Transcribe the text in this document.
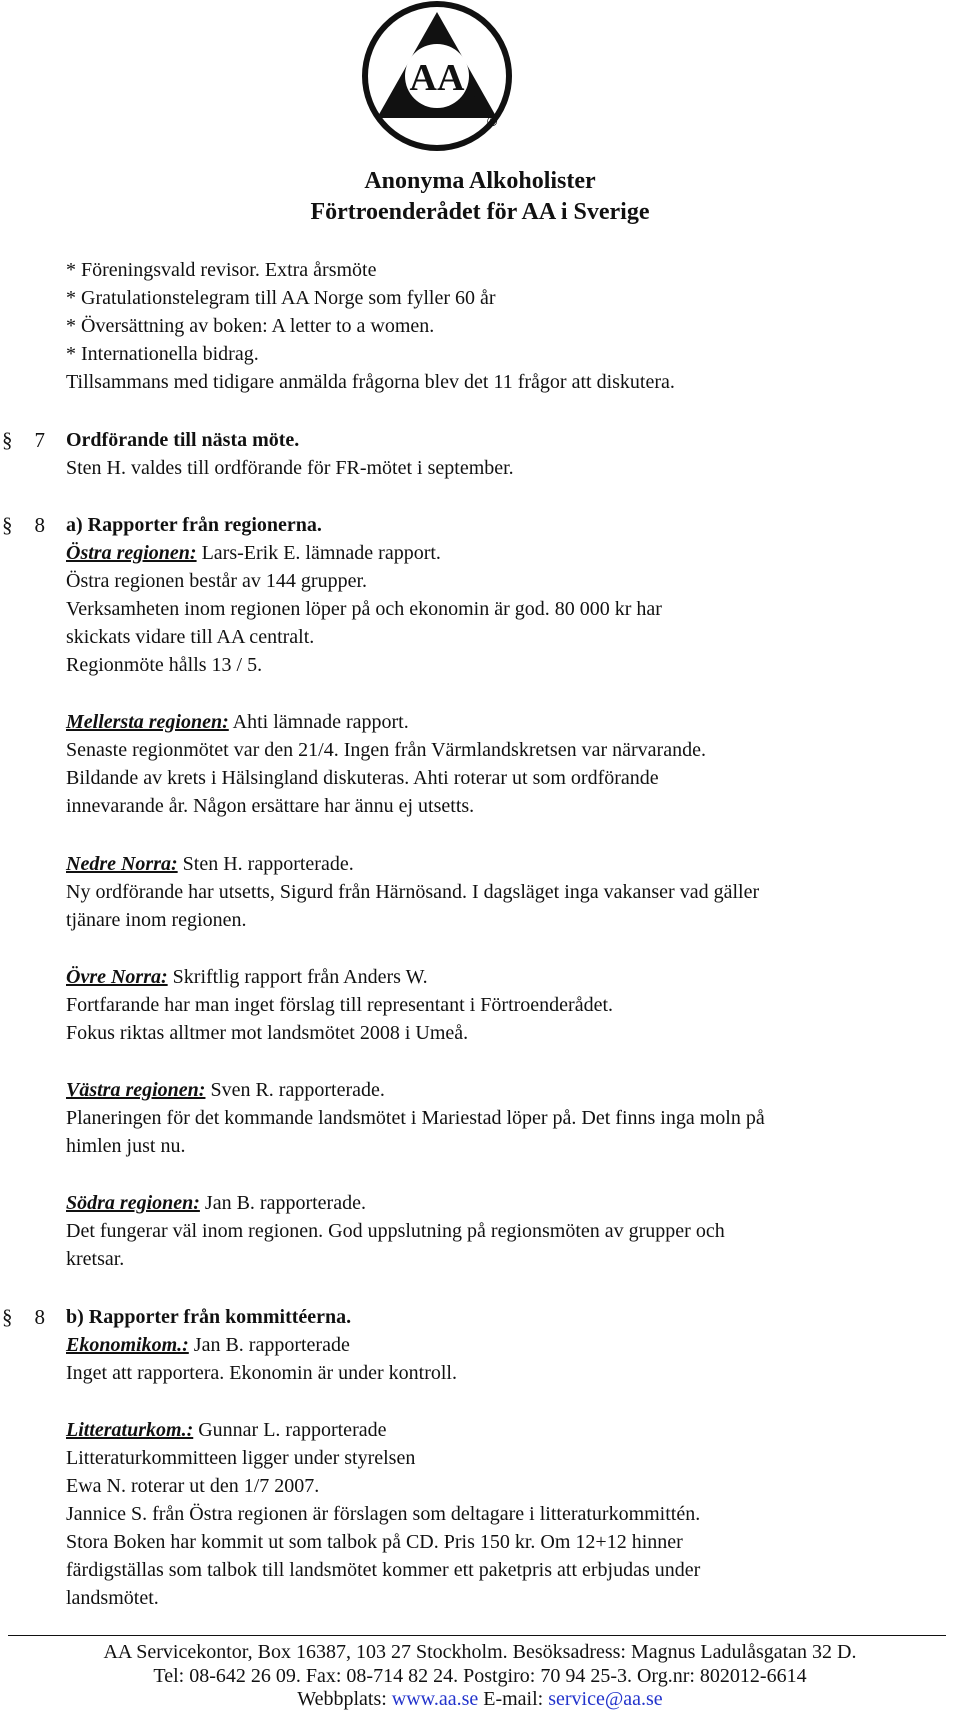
AA
®
Anonyma Alkoholister
Förtroenderådet för AA i Sverige
* Föreningsvald revisor. Extra årsmöte
* Gratulationstelegram till AA Norge som fyller 60 år
* Översättning av boken: A letter to a women.
* Internationella bidrag.
Tillsammans med tidigare anmälda frågorna blev det 11 frågor att diskutera.
§ 7 Ordförande till nästa möte.
Sten H. valdes till ordförande för FR-mötet i september.
§ 8 a) Rapporter från regionerna.
Östra regionen: Lars-Erik E. lämnade rapport.
Östra regionen består av 144 grupper.
Verksamheten inom regionen löper på och ekonomin är god. 80 000 kr har
skickats vidare till AA centralt.
Regionmöte hålls 13 / 5.
Mellersta regionen: Ahti lämnade rapport.
Senaste regionmötet var den 21/4. Ingen från Värmlandskretsen var närvarande.
Bildande av krets i Hälsingland diskuteras. Ahti roterar ut som ordförande
innevarande år. Någon ersättare har ännu ej utsetts.
Nedre Norra: Sten H. rapporterade.
Ny ordförande har utsetts, Sigurd från Härnösand. I dagsläget inga vakanser vad gäller
tjänare inom regionen.
Övre Norra: Skriftlig rapport från Anders W.
Fortfarande har man inget förslag till representant i Förtroenderådet.
Fokus riktas alltmer mot landsmötet 2008 i Umeå.
Västra regionen: Sven R. rapporterade.
Planeringen för det kommande landsmötet i Mariestad löper på. Det finns inga moln på
himlen just nu.
Södra regionen: Jan B. rapporterade.
Det fungerar väl inom regionen. God uppslutning på regionsmöten av grupper och
kretsar.
§ 8 b) Rapporter från kommittéerna.
Ekonomikom.: Jan B. rapporterade
Inget att rapportera. Ekonomin är under kontroll.
Litteraturkom.: Gunnar L. rapporterade
Litteraturkommitteen ligger under styrelsen
Ewa N. roterar ut den 1/7 2007.
Jannice S. från Östra regionen är förslagen som deltagare i litteraturkommittén.
Stora Boken har kommit ut som talbok på CD. Pris 150 kr. Om 12+12 hinner
färdigställas som talbok till landsmötet kommer ett paketpris att erbjudas under
landsmötet.
AA Servicekontor, Box 16387, 103 27 Stockholm. Besöksadress: Magnus Ladulåsgatan 32 D.
Tel: 08-642 26 09. Fax: 08-714 82 24. Postgiro: 70 94 25-3. Org.nr: 802012-6614
Webbplats: www.aa.se E-mail: service@aa.se
